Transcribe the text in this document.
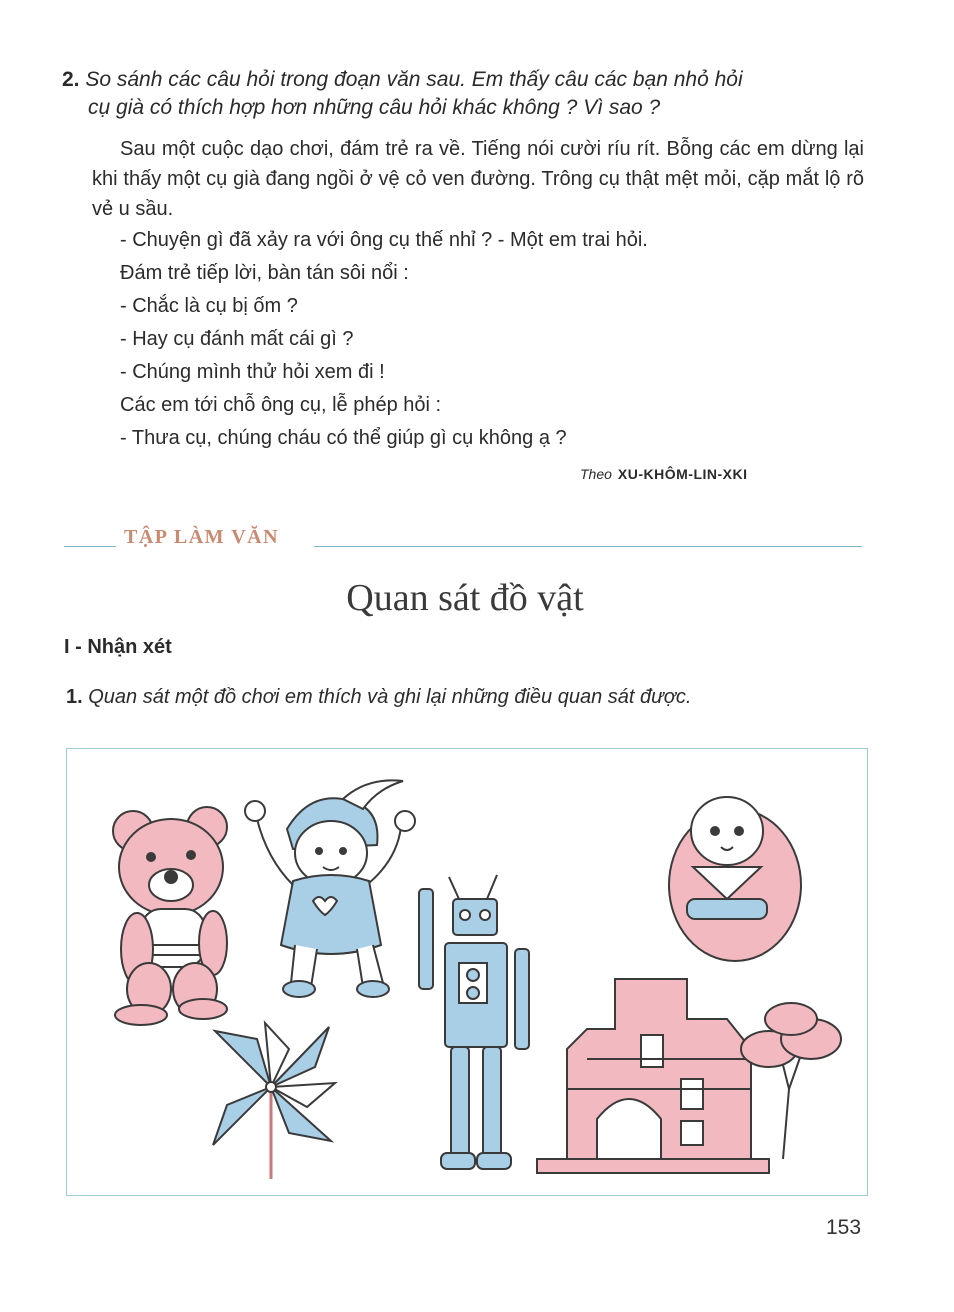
2. So sánh các câu hỏi trong đoạn văn sau. Em thấy câu các bạn nhỏ hỏi
cụ già có thích hợp hơn những câu hỏi khác không ? Vì sao ?
Sau một cuộc dạo chơi, đám trẻ ra về. Tiếng nói cười ríu rít. Bỗng các em dừng lại khi thấy một cụ già đang ngồi ở vệ cỏ ven đường. Trông cụ thật mệt mỏi, cặp mắt lộ rõ vẻ u sầu.
- Chuyện gì đã xảy ra với ông cụ thế nhỉ ? - Một em trai hỏi.
Đám trẻ tiếp lời, bàn tán sôi nổi :
- Chắc là cụ bị ốm ?
- Hay cụ đánh mất cái gì ?
- Chúng mình thử hỏi xem đi !
Các em tới chỗ ông cụ, lễ phép hỏi :
- Thưa cụ, chúng cháu có thể giúp gì cụ không ạ ?
Theo XU-KHÔM-LIN-XKI
TẬP LÀM VĂN
Quan sát đồ vật
I - Nhận xét
1. Quan sát một đồ chơi em thích và ghi lại những điều quan sát được.
153
